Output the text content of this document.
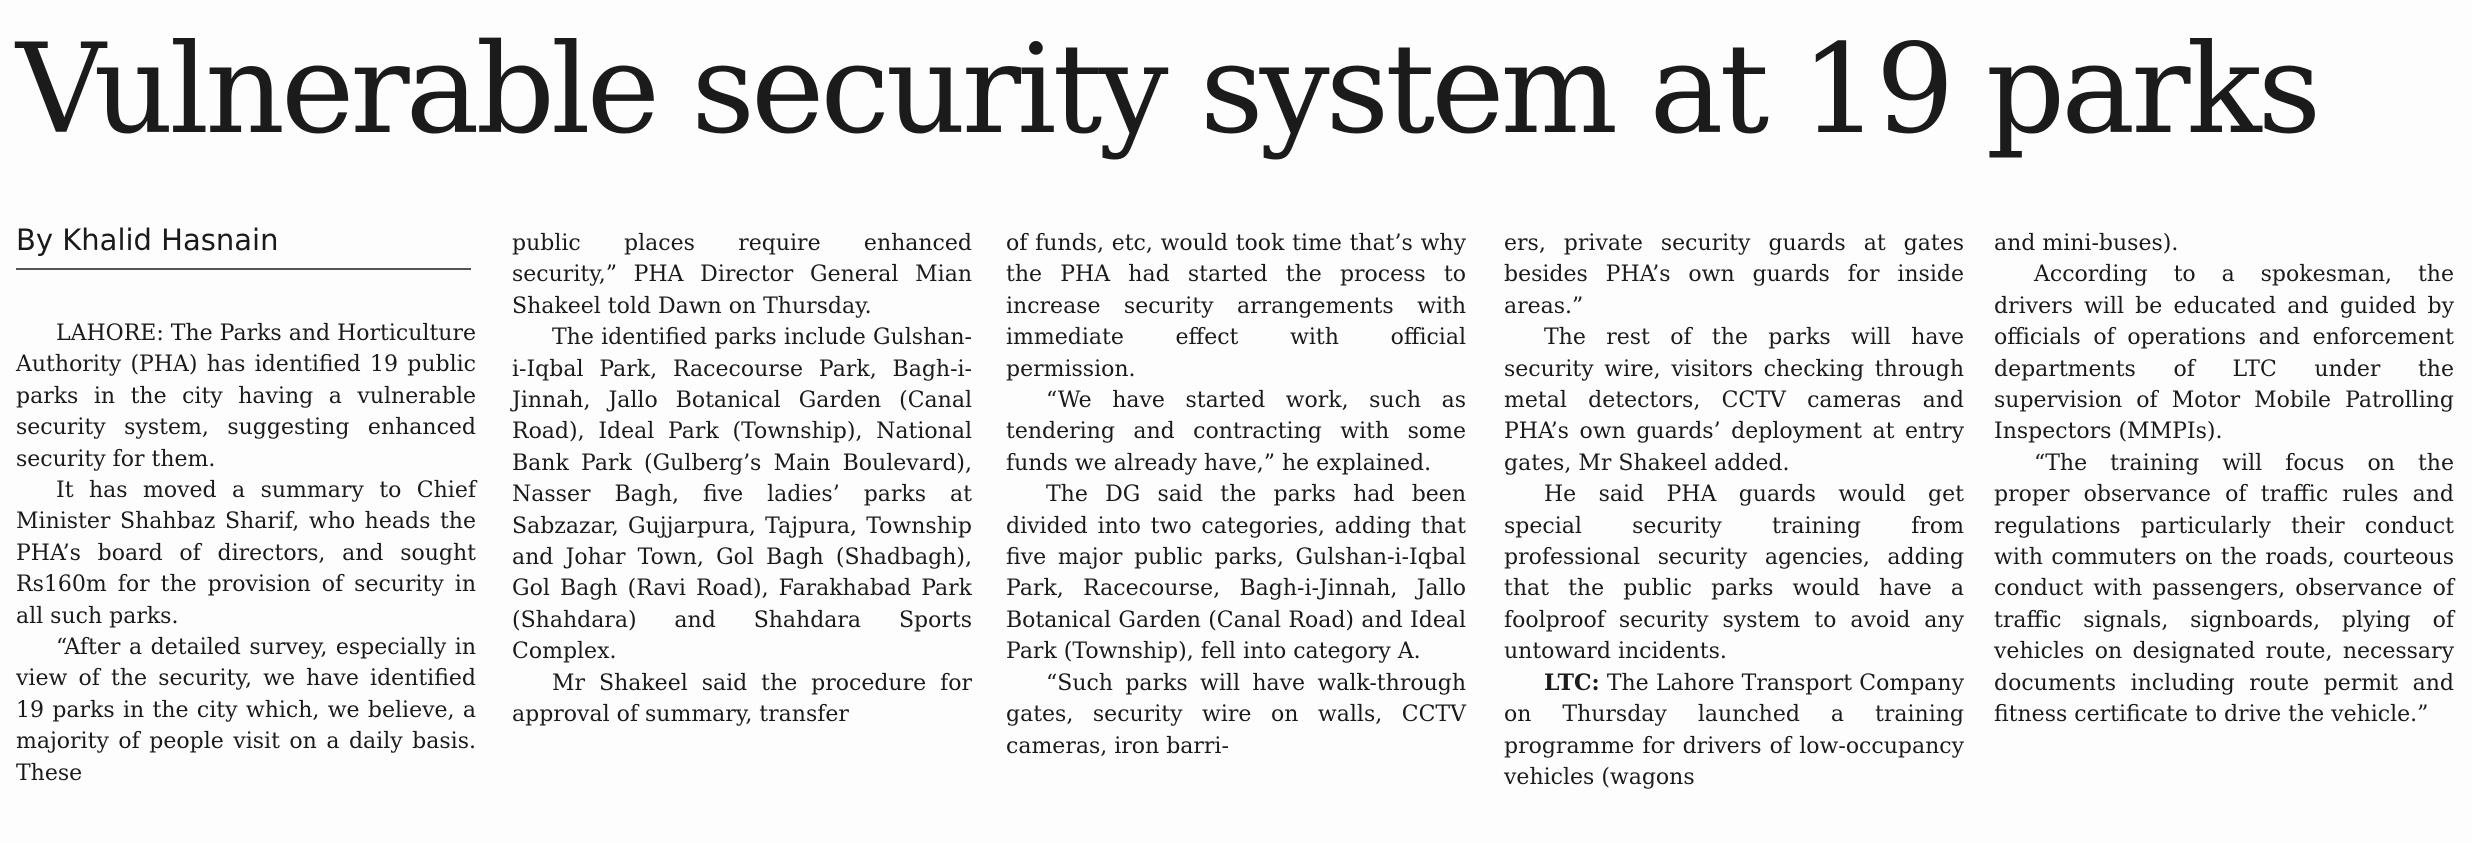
Vulnerable security system at 19 parks
By Khalid Hasnain

LAHORE: The Parks and Horticulture Authority (PHA) has identified 19 public parks in the city having a vulnerable security system, suggesting enhanced security for them.

It has moved a summary to Chief Minister Shahbaz Sharif, who heads the PHA’s board of directors, and sought Rs160m for the provision of security in all such parks.

“After a detailed survey, especially in view of the security, we have identified 19 parks in the city which, we believe, a majority of people visit on a daily basis. These

public places require enhanced security,” PHA Director General Mian Shakeel told Dawn on Thursday.

The identified parks include Gulshan-i-Iqbal Park, Racecourse Park, Bagh-i-Jinnah, Jallo Botanical Garden (Canal Road), Ideal Park (Township), National Bank Park (Gulberg’s Main Boulevard), Nasser Bagh, five ladies’ parks at Sabzazar, Gujjarpura, Tajpura, Township and Johar Town, Gol Bagh (Shadbagh), Gol Bagh (Ravi Road), Farakhabad Park (Shahdara) and Shahdara Sports Complex.

Mr Shakeel said the procedure for approval of summary, transfer

of funds, etc, would took time that’s why the PHA had started the process to increase security arrangements with immediate effect with official permission.

“We have started work, such as tendering and contracting with some funds we already have,” he explained.

The DG said the parks had been divided into two categories, adding that five major public parks, Gulshan-i-Iqbal Park, Racecourse, Bagh-i-Jinnah, Jallo Botanical Garden (Canal Road) and Ideal Park (Township), fell into category A.

“Such parks will have walk-through gates, security wire on walls, CCTV cameras, iron barri-

ers, private security guards at gates besides PHA’s own guards for inside areas.”

The rest of the parks will have security wire, visitors checking through metal detectors, CCTV cameras and PHA’s own guards’ deployment at entry gates, Mr Shakeel added.

He said PHA guards would get special security training from professional security agencies, adding that the public parks would have a foolproof security system to avoid any untoward incidents.

LTC: The Lahore Transport Company on Thursday launched a training programme for drivers of low-occupancy vehicles (wagons

and mini-buses).

According to a spokesman, the drivers will be educated and guided by officials of operations and enforcement departments of LTC under the supervision of Motor Mobile Patrolling Inspectors (MMPIs).

“The training will focus on the proper observance of traffic rules and regulations particularly their conduct with commuters on the roads, courteous conduct with passengers, observance of traffic signals, signboards, plying of vehicles on designated route, necessary documents including route permit and fitness certificate to drive the vehicle.”
